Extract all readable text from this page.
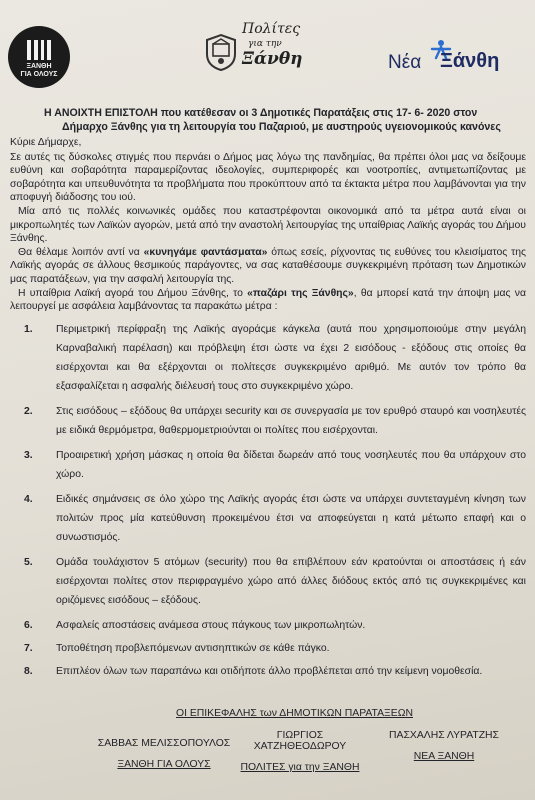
ΞΑΝΘΗ
ΓΙΑ ΟΛΟΥΣ
Πολίτες
για την
Ξάνθη	Νέα Ξάνθη
Η ΑΝΟΙΧΤΗ ΕΠΙΣΤΟΛΗ που κατέθεσαν οι 3 Δημοτικές Παρατάξεις στις 17- 6- 2020 στον
Δήμαρχο Ξάνθης για τη λειτουργία του Παζαριού, με αυστηρούς υγειονομικούς κανόνες

Κύριε Δήμαρχε,

Σε αυτές τις δύσκολες στιγμές που περνάει ο Δήμος μας λόγω της πανδημίας, θα πρέπει όλοι μας να δείξουμε ευθύνη και σοβαρότητα παραμερίζοντας ιδεολογίες, συμπεριφορές και νοοτροπίες, αντιμετωπίζοντας με σοβαρότητα και υπευθυνότητα τα προβλήματα που προκύπτουν από τα έκτακτα μέτρα που λαμβάνονται για την αποφυγή διάδοσης του ιού.

Μία από τις πολλές κοινωνικές ομάδες που καταστρέφονται οικονομικά από τα μέτρα αυτά είναι οι μικροπωλητές των Λαϊκών αγορών, μετά από την αναστολή λειτουργίας της υπαίθριας Λαϊκής αγοράς του Δήμου Ξάνθης.

Θα θέλαμε λοιπόν αντί να «κυνηγάμε φαντάσματα» όπως εσείς, ρίχνοντας τις ευθύνες του κλεισίματος της Λαϊκής αγοράς σε άλλους θεσμικούς παράγοντες, να σας καταθέσουμε συγκεκριμένη πρόταση των Δημοτικών μας παρατάξεων, για την ασφαλή λειτουργία της.

Η υπαίθρια Λαϊκή αγορά του Δήμου Ξάνθης, το «παζάρι της Ξάνθης», θα μπορεί κατά την άποψη μας να λειτουργεί με ασφάλεια λαμβάνοντας τα παρακάτω μέτρα :

1. Περιμετρική περίφραξη της Λαϊκής αγοράςμε κάγκελα (αυτά που χρησιμοποιούμε στην μεγάλη Καρναβαλική παρέλαση) και πρόβλεψη έτσι ώστε να έχει 2 εισόδους - εξόδους στις οποίες θα εισέρχονται και θα εξέρχονται οι πολίτεςσε συγκεκριμένο αριθμό. Με αυτόν τον τρόπο θα εξασφαλίζεται η ασφαλής διέλευσή τους στο συγκεκριμένο χώρο.
2. Στις εισόδους – εξόδους θα υπάρχει security και σε συνεργασία με τον ερυθρό σταυρό και νοσηλευτές με ειδικά θερμόμετρα, θαθερμομετριούνται οι πολίτες που εισέρχονται.
3. Προαιρετική χρήση μάσκας η οποία θα δίδεται δωρεάν από τους νοσηλευτές που θα υπάρχουν στο χώρο.
4. Ειδικές σημάνσεις σε όλο χώρο της Λαϊκής αγοράς έτσι ώστε να υπάρχει συντεταγμένη κίνηση των πολιτών προς μία κατεύθυνση προκειμένου έτσι να αποφεύγεται η κατά μέτωπο επαφή και ο συνωστισμός.
5. Ομάδα τουλάχιστον 5 ατόμων (security) που θα επιβλέπουν εάν κρατούνται οι αποστάσεις ή εάν εισέρχονται πολίτες στον περιφραγμένο χώρο από άλλες διόδους εκτός από τις συγκεκριμένες και οριζόμενες εισόδους – εξόδους.
6. Ασφαλείς αποστάσεις ανάμεσα στους πάγκους των μικροπωλητών.
7. Τοποθέτηση προβλεπόμενων αντισηπτικών σε κάθε πάγκο.
8. Επιπλέον όλων των παραπάνω και οτιδήποτε άλλο προβλέπεται από την κείμενη νομοθεσία.
ΟΙ ΕΠΙΚΕΦΑΛΗΣ των ΔΗΜΟΤΙΚΩΝ ΠΑΡΑΤΑΞΕΩΝ
ΣΑΒΒΑΣ ΜΕΛΙΣΣΟΠΟΥΛΟΣ
ΞΑΝΘΗ ΓΙΑ ΟΛΟΥΣ
ΓΙΩΡΓΙΟΣ ΧΑΤΖΗΘΕΟΔΩΡΟΥ
ΠΟΛΙΤΕΣ για την ΞΑΝΘΗ
ΠΑΣΧΑΛΗΣ ΛΥΡΑΤΖΗΣ
ΝΕΑ ΞΑΝΘΗ
